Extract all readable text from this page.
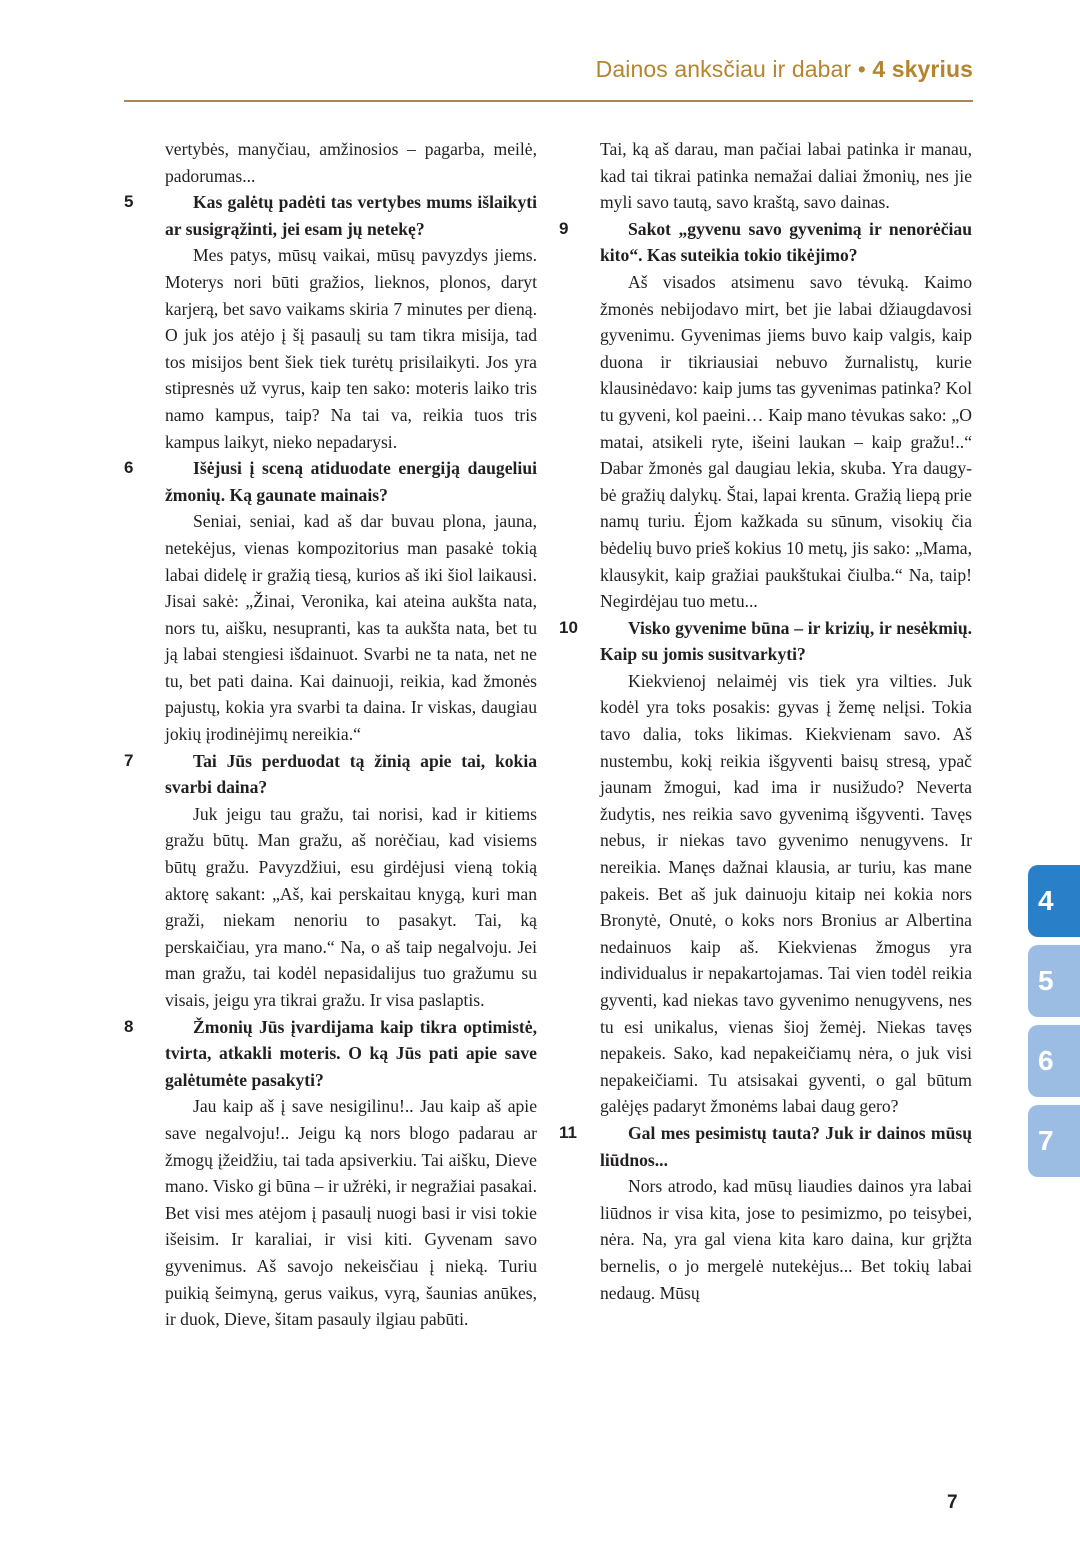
Dainos anksčiau ir dabar • 4 skyrius

vertybės, manyčiau, amžinosios – pagarba, meilė, padorumas...

5	Kas galėtų padėti tas vertybes mums išlaikyti ar susigrąžinti, jei esam jų netekę?

Mes patys, mūsų vaikai, mūsų pavyzdys jiems. Moterys nori būti gražios, lieknos, plonos, daryt karjerą, bet savo vaikams skiria 7 minutes per dieną. O juk jos atėjo į šį pasaulį su tam tikra misija, tad tos misijos bent šiek tiek turėtų prisilaikyti. Jos yra stipresnės už vyrus, kaip ten sako: moteris laiko tris namo kampus, taip? Na tai va, reikia tuos tris kampus laikyt, nieko nepadarysi.

6	Išėjusi į sceną atiduodate energiją daugeliui žmonių. Ką gaunate mainais?

Seniai, seniai, kad aš dar buvau plona, jauna, netekėjus, vienas kompozitorius man pasakė tokią labai didelę ir gražią tiesą, kurios aš iki šiol laikausi. Jisai sakė: „Žinai, Veronika, kai ateina aukšta nata, nors tu, aišku, nesupranti, kas ta aukšta nata, bet tu ją labai stengiesi išdainuot. Svarbi ne ta nata, net ne tu, bet pati daina. Kai dainuoji, reikia, kad žmonės pajustų, kokia yra svarbi ta daina. Ir viskas, daugiau jokių įrodinėjimų nereikia.“

7	Tai Jūs perduodat tą žinią apie tai, kokia svarbi daina?

Juk jeigu tau gražu, tai norisi, kad ir kitiems gražu būtų. Man gražu, aš norėčiau, kad visiems būtų gražu. Pavyzdžiui, esu girdėjusi vieną tokią aktorę sakant: „Aš, kai perskaitau knygą, kuri man graži, niekam nenoriu to pasakyt. Tai, ką perskaičiau, yra mano.“ Na, o aš taip negalvoju. Jei man gražu, tai kodėl nepasidalijus tuo gražumu su visais, jeigu yra tikrai gražu. Ir visa paslaptis.

8	Žmonių Jūs įvardijama kaip tikra optimistė, tvirta, atkakli moteris. O ką Jūs pati apie save galėtumėte pasakyti?

Jau kaip aš į save nesigilinu!.. Jau kaip aš apie save negalvoju!.. Jeigu ką nors blogo padarau ar žmogų įžeidžiu, tai tada apsiverkiu. Tai aišku, Dieve mano. Visko gi būna – ir užrėki, ir negražiai pasakai. Bet visi mes atėjom į pasaulį nuogi basi ir visi tokie išeisim. Ir karaliai, ir visi kiti. Gyvenam savo gyvenimus. Aš savojo nekeisčiau į nieką. Turiu puikią šeimyną, gerus vaikus, vyrą, šaunias anūkes, ir duok, Dieve, šitam pasauly ilgiau pabūti.

Tai, ką aš darau, man pačiai labai patinka ir manau, kad tai tikrai patinka nemažai daliai žmonių, nes jie myli savo tautą, savo kraštą, savo dainas.

9	Sakot „gyvenu savo gyvenimą ir nenorėčiau kito“. Kas suteikia tokio tikėjimo?

Aš visados atsimenu savo tėvuką. Kaimo žmonės nebijodavo mirt, bet jie labai džiaugdavosi gyvenimu. Gyvenimas jiems buvo kaip valgis, kaip duona ir tikriausiai nebuvo žurnalistų, kurie klausinėdavo: kaip jums tas gyvenimas patinka? Kol tu gyveni, kol paeini… Kaip mano tėvukas sako: „O matai, atsikeli ryte, išeini laukan – kaip gražu!..“ Dabar žmonės gal daugiau lekia, skuba. Yra daugybė gražių dalykų. Štai, lapai krenta. Gražią liepą prie namų turiu. Ėjom kažkada su sūnum, visokių čia bėdelių buvo prieš kokius 10 metų, jis sako: „Mama, klausykit, kaip gražiai paukštukai čiulba.“ Na, taip! Negirdėjau tuo metu...

10	Visko gyvenime būna – ir krizių, ir nesėkmių. Kaip su jomis susitvarkyti?

Kiekvienoj nelaimėj vis tiek yra vilties. Juk kodėl yra toks posakis: gyvas į žemę nelįsi. Tokia tavo dalia, toks likimas. Kiekvienam savo. Aš nustembu, kokį reikia išgyventi baisų stresą, ypač jaunam žmogui, kad ima ir nusižudo? Neverta žudytis, nes reikia savo gyvenimą išgyventi. Tavęs nebus, ir niekas tavo gyvenimo nenugyvens. Ir nereikia. Manęs dažnai klausia, ar turiu, kas mane pakeis. Bet aš juk dainuoju kitaip nei kokia nors Bronytė, Onutė, o koks nors Bronius ar Albertina nedainuos kaip aš. Kiekvienas žmogus yra individualus ir nepakartojamas. Tai vien todėl reikia gyventi, kad niekas tavo gyvenimo nenugyvens, nes tu esi unikalus, vienas šioj žemėj. Niekas tavęs nepakeis. Sako, kad nepakeičiamų nėra, o juk visi nepakeičiami. Tu atsisakai gyventi, o gal būtum galėjęs padaryt žmonėms labai daug gero?

11	Gal mes pesimistų tauta? Juk ir dainos mūsų liūdnos...

Nors atrodo, kad mūsų liaudies dainos yra labai liūdnos ir visa kita, jose to pesimizmo, po teisybei, nėra. Na, yra gal viena kita karo daina, kur grįžta bernelis, o jo mergelė nutekėjus... Bet tokių labai nedaug. Mūsų

4
5
6
7
7
